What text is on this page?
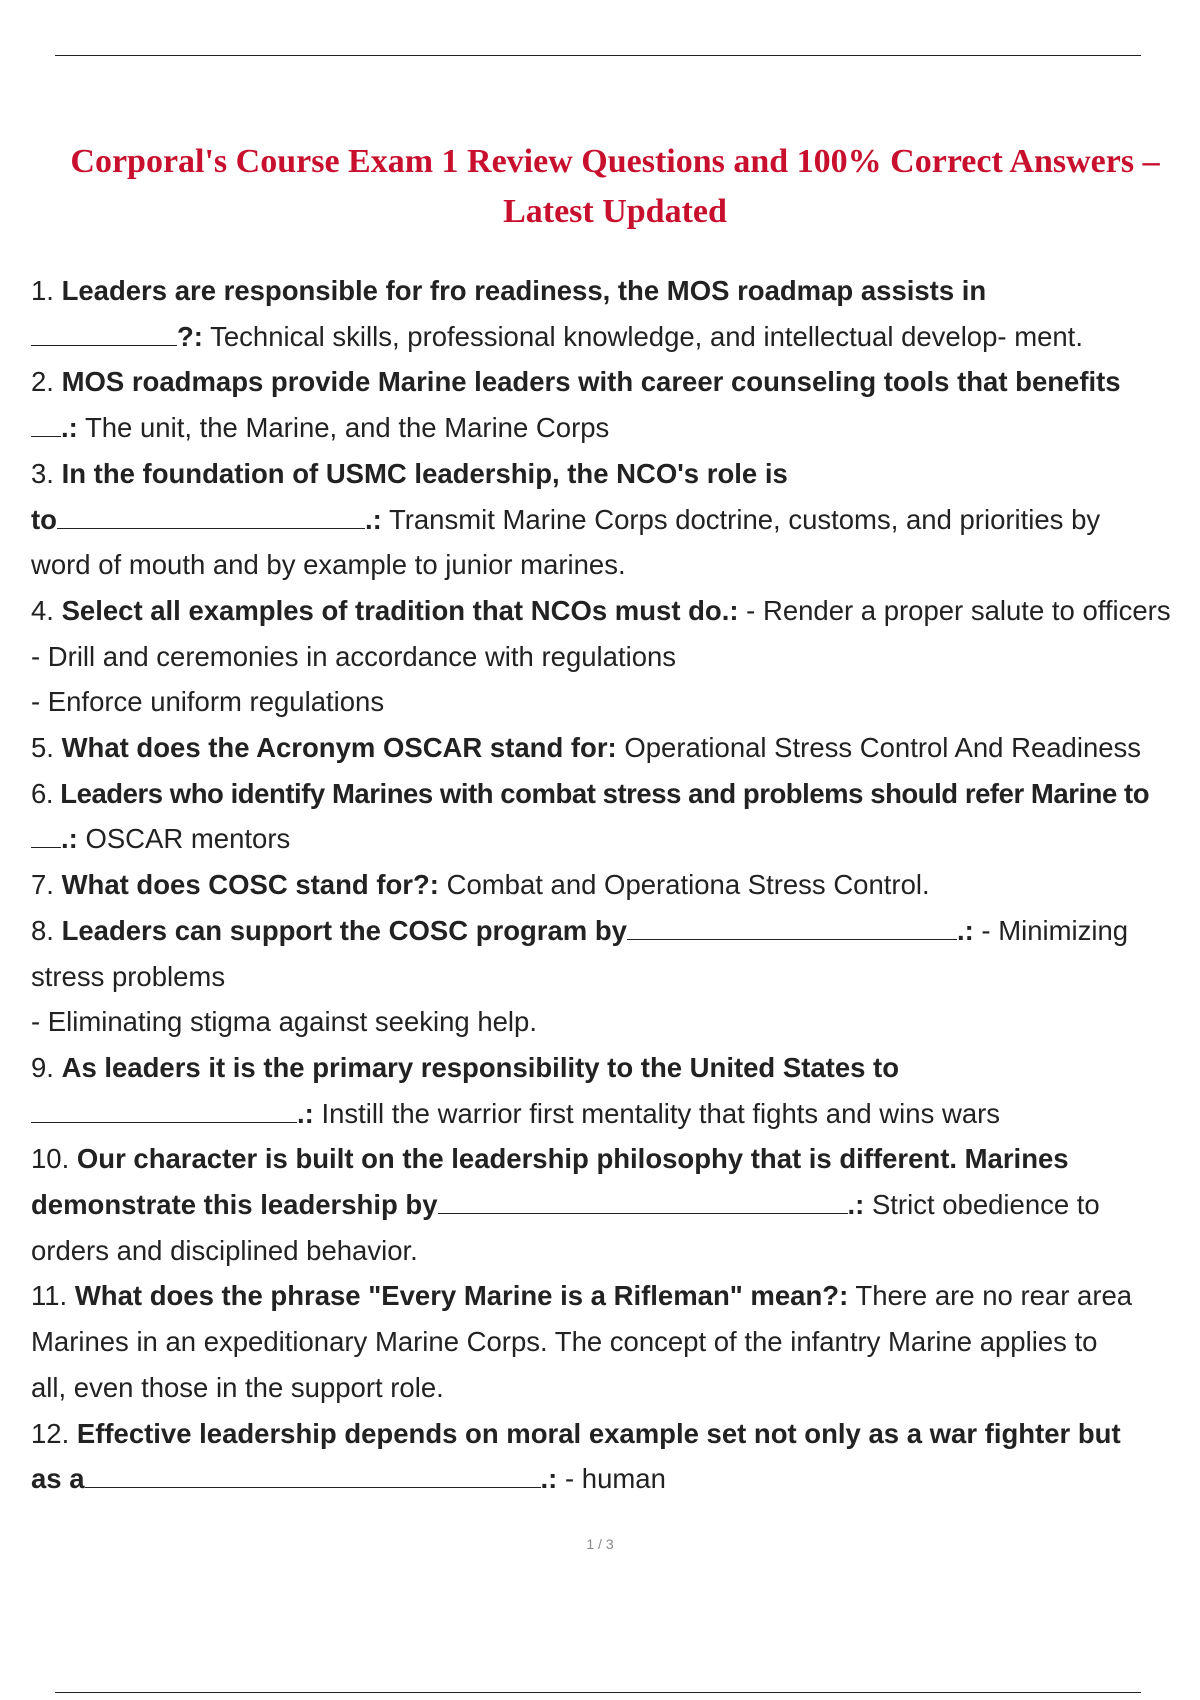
Corporal's Course Exam 1 Review Questions and 100% Correct Answers –
Latest Updated
1. Leaders are responsible for fro readiness, the MOS roadmap assists in
?: Technical skills, professional knowledge, and intellectual develop- ment.
2. MOS roadmaps provide Marine leaders with career counseling tools that benefits
.: The unit, the Marine, and the Marine Corps
3. In the foundation of USMC leadership, the NCO's role is
to	.: Transmit Marine Corps doctrine, customs, and priorities by
word of mouth and by example to junior marines.
4. Select all examples of tradition that NCOs must do.: - Render a proper salute to officers
- Drill and ceremonies in accordance with regulations
- Enforce uniform regulations
5. What does the Acronym OSCAR stand for: Operational Stress Control And Readiness
6. Leaders who identify Marines with combat stress and problems should refer Marine to
.: OSCAR mentors
7. What does COSC stand for?: Combat and Operationa Stress Control.
8. Leaders can support the COSC program by	.: - Minimizing
stress problems
- Eliminating stigma against seeking help.
9. As leaders it is the primary responsibility to the United States to
.: Instill the warrior first mentality that fights and wins wars
10. Our character is built on the leadership philosophy that is different. Marines
demonstrate this leadership by	.: Strict obedience to
orders and disciplined behavior.
11. What does the phrase "Every Marine is a Rifleman" mean?: There are no rear area
Marines in an expeditionary Marine Corps. The concept of the infantry Marine applies to
all, even those in the support role.
12. Effective leadership depends on moral example set not only as a war fighter but
as a	.: - human
1 / 3
